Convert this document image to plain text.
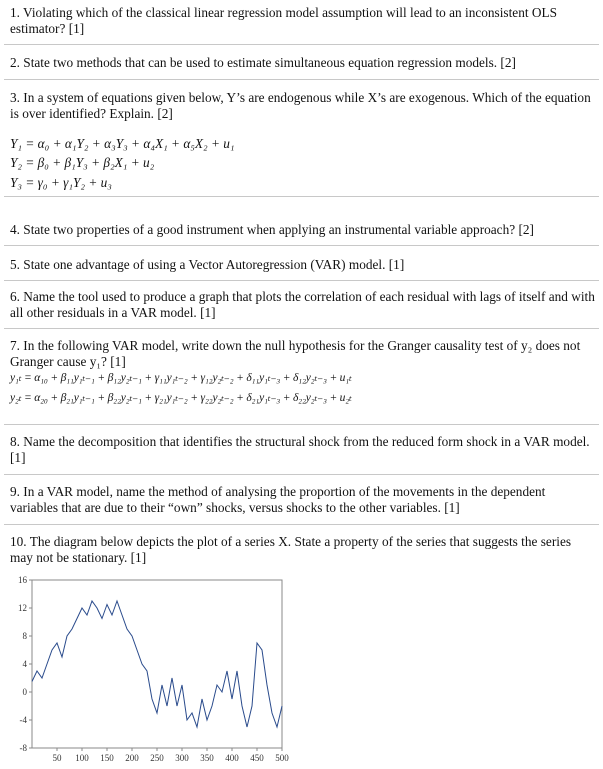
1. Violating which of the classical linear regression model assumption will lead to an inconsistent OLS estimator? [1]
2. State two methods that can be used to estimate simultaneous equation regression models. [2]
3. In a system of equations given below, Y’s are endogenous while X’s are exogenous. Which of the equation is over identified? Explain. [2]
Y₁ = α₀ + α₁Y₂ + α₃Y₃ + α₄X₁ + α₅X₂ + u₁
Y₂ = β₀ + β₁Y₃ + β₂X₁ + u₂
Y₃ = γ₀ + γ₁Y₂ + u₃
4. State two properties of a good instrument when applying an instrumental variable approach? [2]
5. State one advantage of using a Vector Autoregression (VAR) model. [1]
6. Name the tool used to produce a graph that plots the correlation of each residual with lags of itself and with all other residuals in a VAR model. [1]
7. In the following VAR model, write down the null hypothesis for the Granger causality test of y₂ does not Granger cause y₁? [1]
y₁ₜ = α₁₀ + β₁₁y₁ₜ₋₁ + β₁₂y₂ₜ₋₁ + γ₁₁y₁ₜ₋₂ + γ₁₂y₂ₜ₋₂ + δ₁₁y₁ₜ₋₃ + δ₁₂y₂ₜ₋₃ + u₁ₜ
y₂ₜ = α₂₀ + β₂₁y₁ₜ₋₁ + β₂₂y₂ₜ₋₁ + γ₂₁y₁ₜ₋₂ + γ₂₂y₂ₜ₋₂ + δ₂₁y₁ₜ₋₃ + δ₂₂y₂ₜ₋₃ + u₂ₜ
8. Name the decomposition that identifies the structural shock from the reduced form shock in a VAR model. [1]
9. In a VAR model, name the method of analysing the proportion of the movements in the dependent variables that are due to their “own” shocks, versus shocks to the other variables. [1]
10. The diagram below depicts the plot of a series X. State a property of the series that suggests the series may not be stationary. [1]
16
12
8
4
0
-4
-8
50 100 150 200 250 300 350 400 450 500
